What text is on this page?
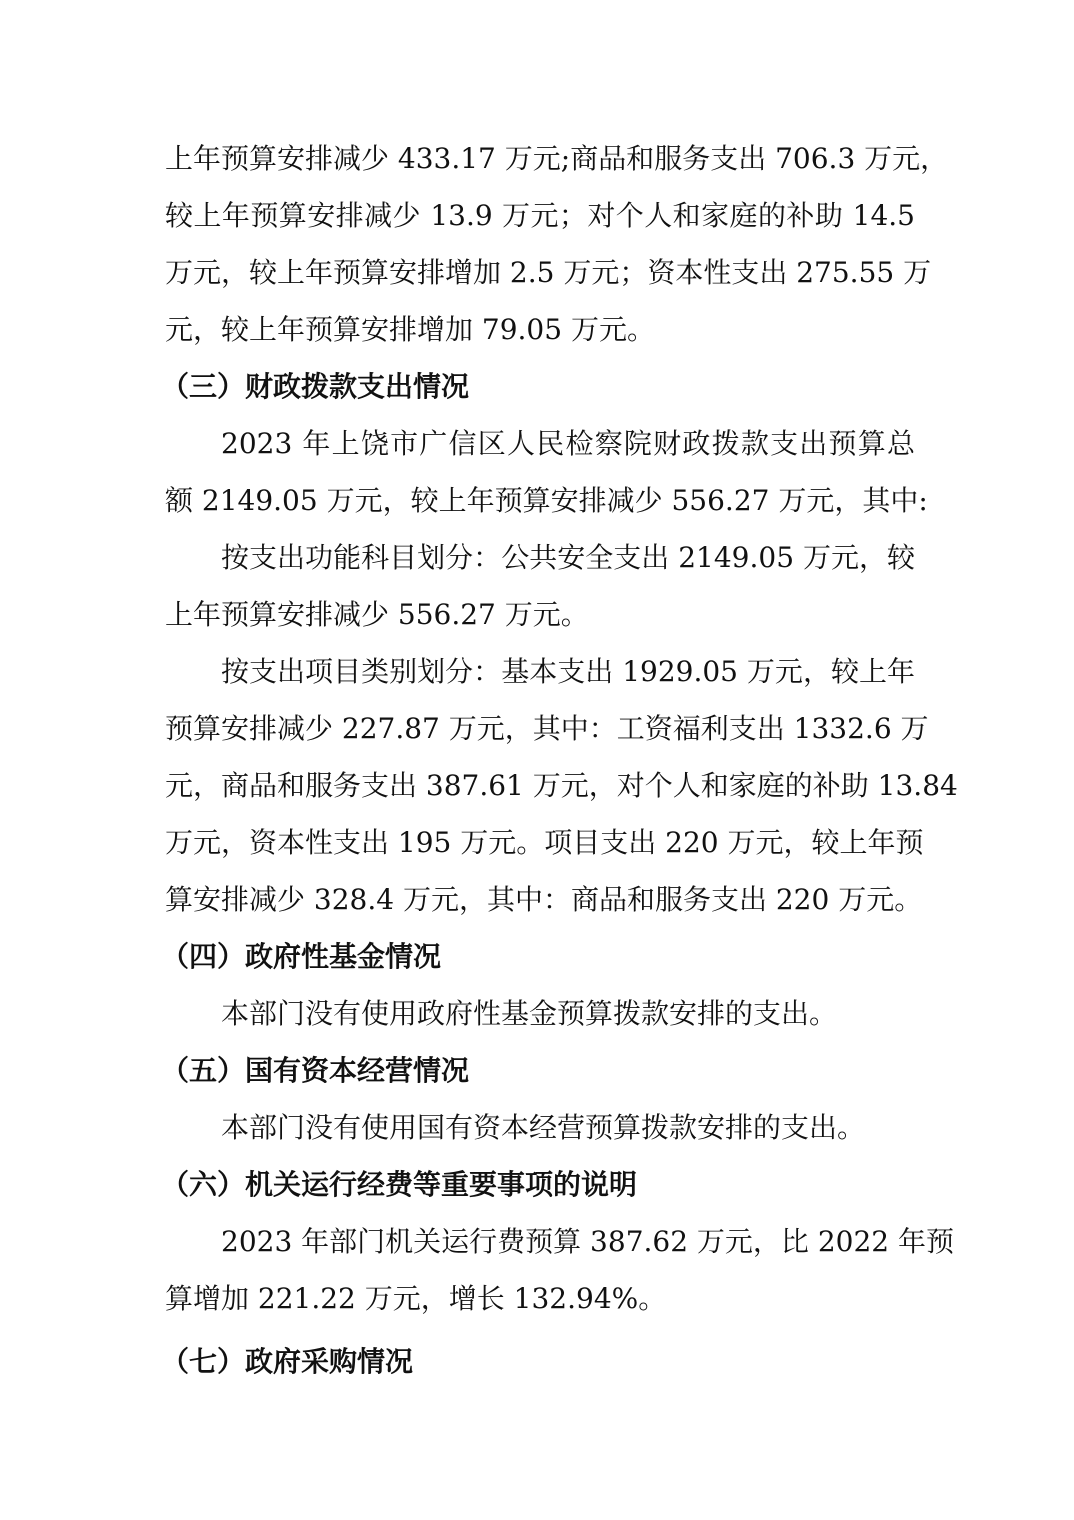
上年预算安排减少 433.17 万元;商品和服务支出 706.3 万元，
较上年预算安排减少 13.9 万元；对个人和家庭的补助 14.5
万元，较上年预算安排增加 2.5 万元；资本性支出 275.55 万
元，较上年预算安排增加 79.05 万元。
（三）财政拨款支出情况
2023 年上饶市广信区人民检察院财政拨款支出预算总
额 2149.05 万元，较上年预算安排减少 556.27 万元，其中:
按支出功能科目划分：公共安全支出 2149.05 万元，较
上年预算安排减少 556.27 万元。
按支出项目类别划分：基本支出 1929.05 万元，较上年
预算安排减少 227.87 万元，其中：工资福利支出 1332.6 万
元，商品和服务支出 387.61 万元，对个人和家庭的补助 13.84
万元，资本性支出 195 万元。项目支出 220 万元，较上年预
算安排减少 328.4 万元，其中：商品和服务支出 220 万元。
（四）政府性基金情况
本部门没有使用政府性基金预算拨款安排的支出。
（五）国有资本经营情况
本部门没有使用国有资本经营预算拨款安排的支出。
（六）机关运行经费等重要事项的说明
2023 年部门机关运行费预算 387.62 万元，比 2022 年预
算增加 221.22 万元，增长 132.94%。
（七）政府采购情况
